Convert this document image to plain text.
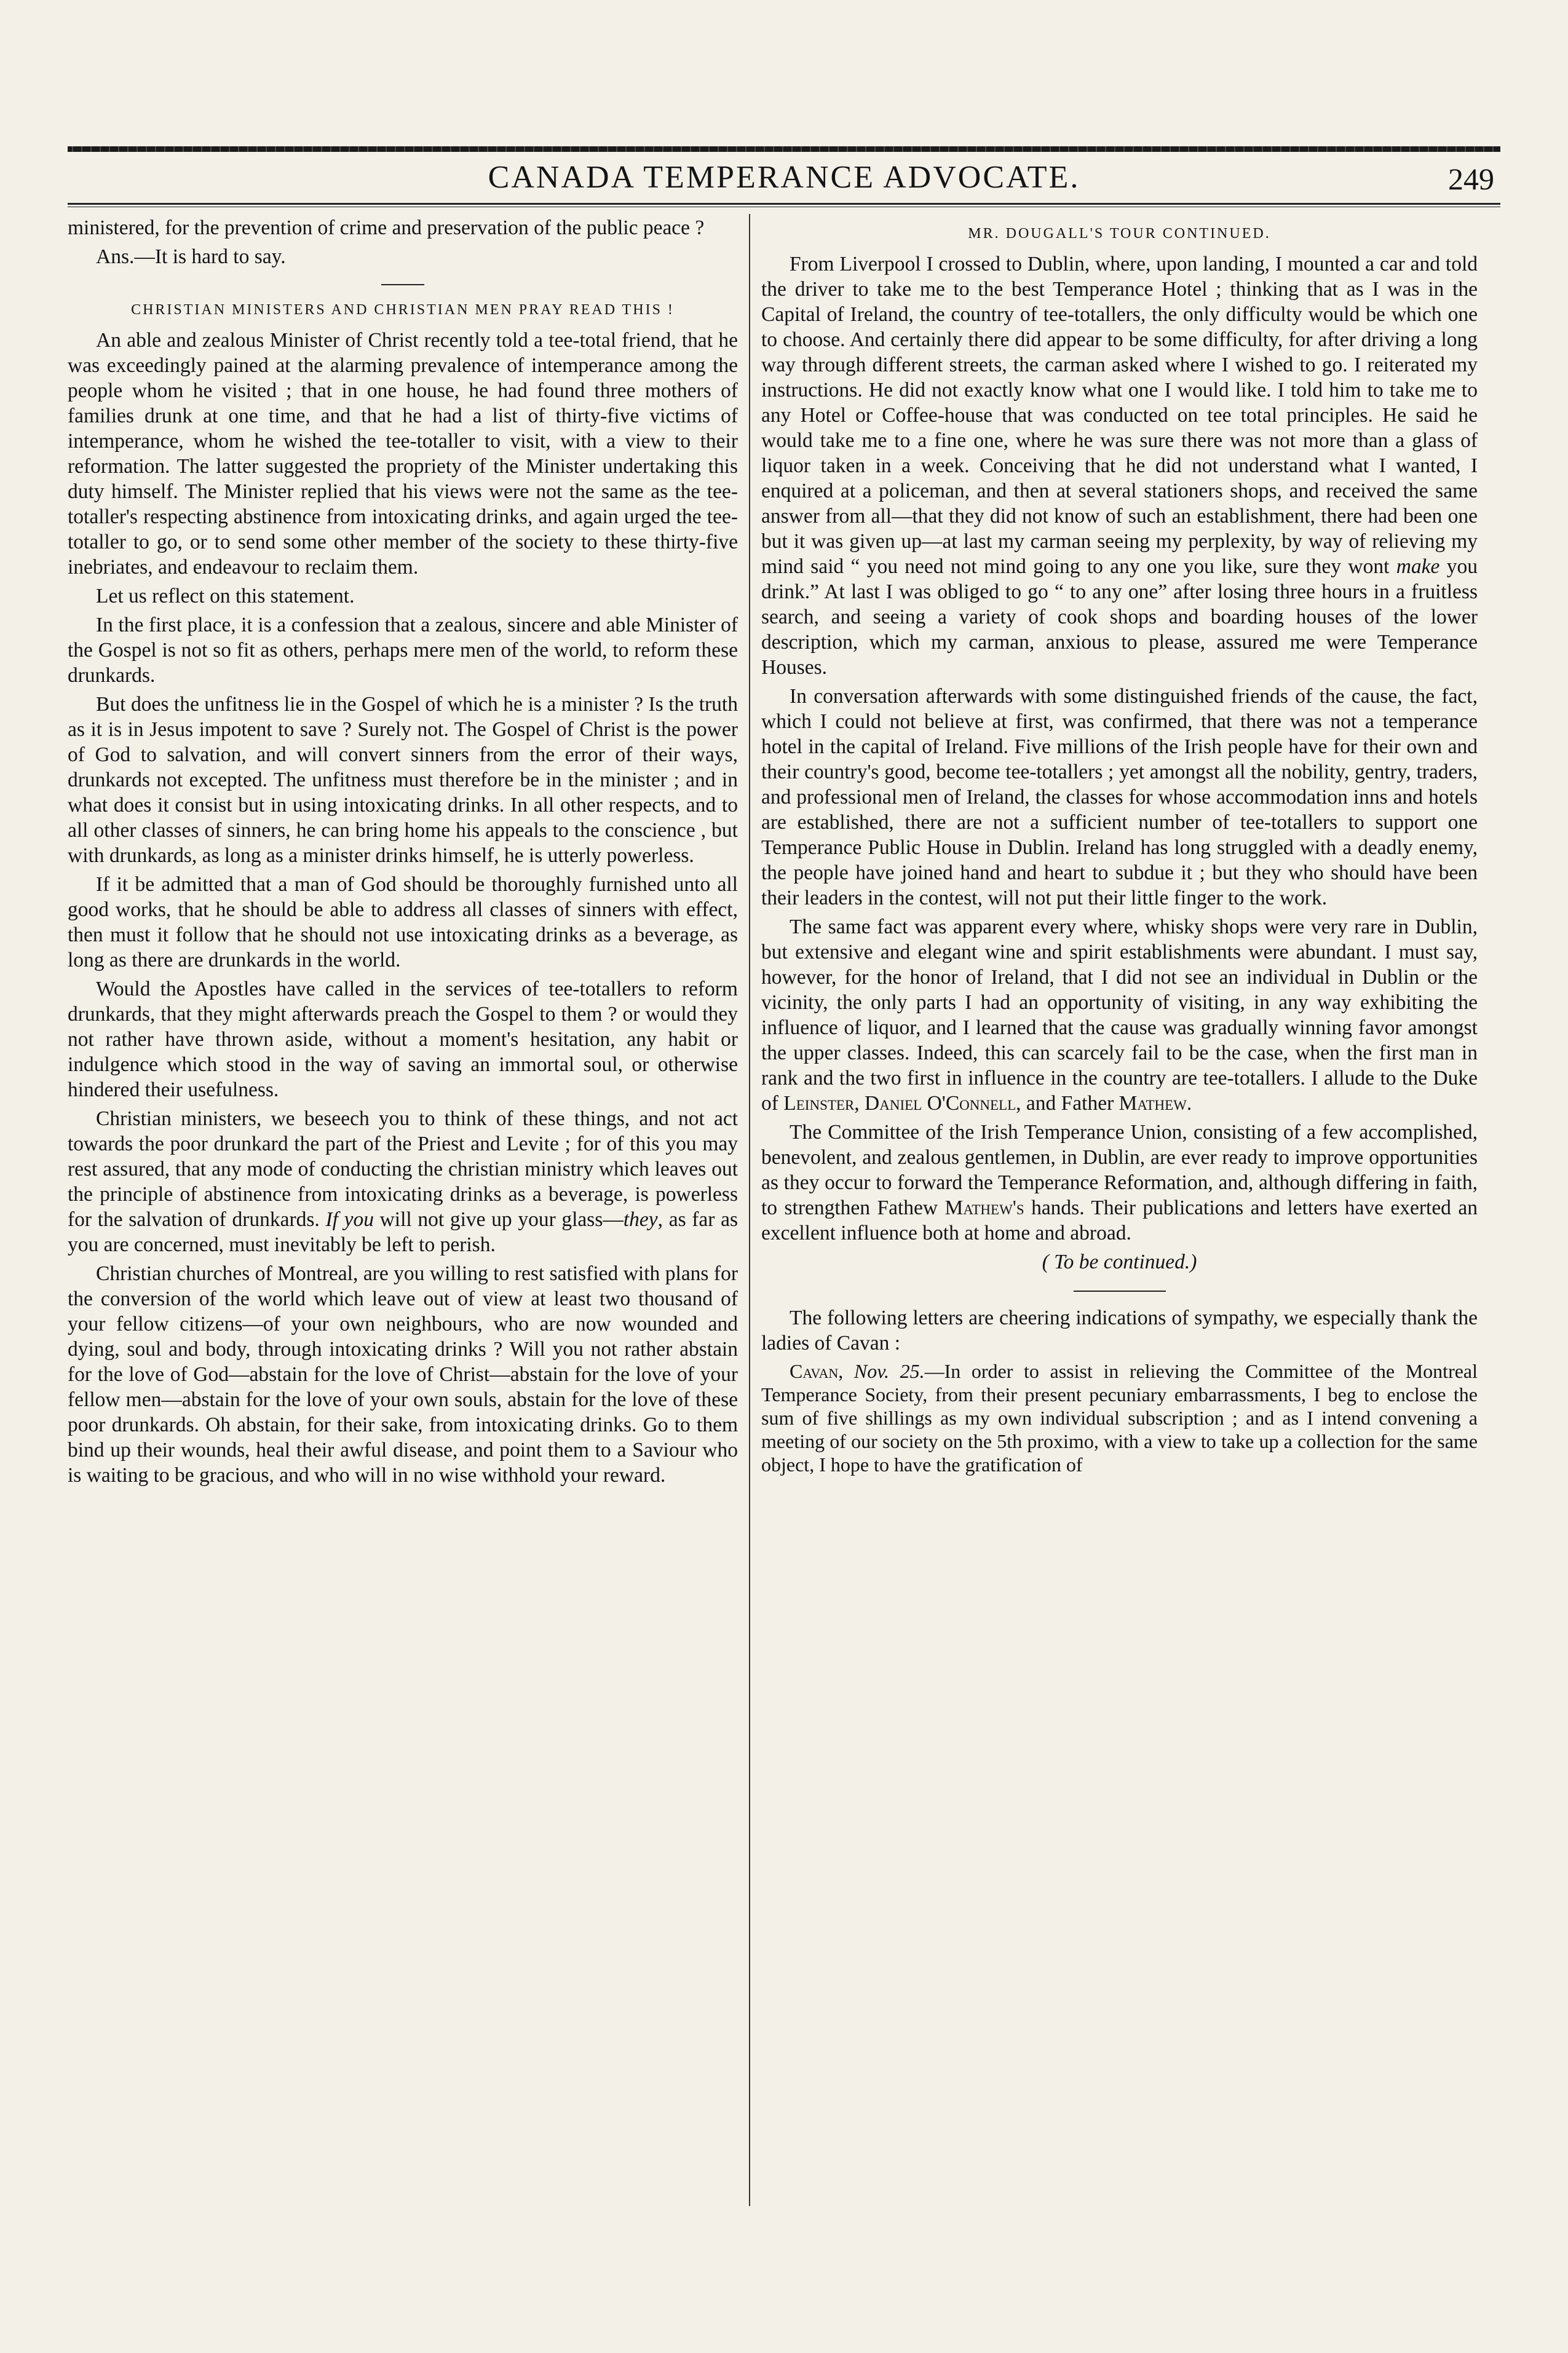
CANADA TEMPERANCE ADVOCATE.	249

ministered, for the prevention of crime and preservation of the public peace ?

Ans.—It is hard to say.

CHRISTIAN MINISTERS AND CHRISTIAN MEN PRAY READ THIS !

An able and zealous Minister of Christ recently told a tee-total friend, that he was exceedingly pained at the alarming prevalence of intemperance among the people whom he visited ; that in one house, he had found three mothers of families drunk at one time, and that he had a list of thirty-five victims of intemperance, whom he wished the tee-totaller to visit, with a view to their reformation. The latter suggested the propriety of the Minister undertaking this duty himself. The Minister replied that his views were not the same as the tee-totaller's respecting abstinence from intoxicating drinks, and again urged the tee-totaller to go, or to send some other member of the society to these thirty-five inebriates, and endeavour to reclaim them.

Let us reflect on this statement.

In the first place, it is a confession that a zealous, sincere and able Minister of the Gospel is not so fit as others, perhaps mere men of the world, to reform these drunkards.

But does the unfitness lie in the Gospel of which he is a minister ? Is the truth as it is in Jesus impotent to save ? Surely not. The Gospel of Christ is the power of God to salvation, and will convert sinners from the error of their ways, drunkards not excepted. The unfitness must therefore be in the minister ; and in what does it consist but in using intoxicating drinks. In all other respects, and to all other classes of sinners, he can bring home his appeals to the conscience , but with drunkards, as long as a minister drinks himself, he is utterly powerless.

If it be admitted that a man of God should be thoroughly furnished unto all good works, that he should be able to address all classes of sinners with effect, then must it follow that he should not use intoxicating drinks as a beverage, as long as there are drunkards in the world.

Would the Apostles have called in the services of tee-totallers to reform drunkards, that they might afterwards preach the Gospel to them ? or would they not rather have thrown aside, without a moment's hesitation, any habit or indulgence which stood in the way of saving an immortal soul, or otherwise hindered their usefulness.

Christian ministers, we beseech you to think of these things, and not act towards the poor drunkard the part of the Priest and Levite ; for of this you may rest assured, that any mode of conducting the christian ministry which leaves out the principle of abstinence from intoxicating drinks as a beverage, is powerless for the salvation of drunkards. If you will not give up your glass—they, as far as you are concerned, must inevitably be left to perish.

Christian churches of Montreal, are you willing to rest satisfied with plans for the conversion of the world which leave out of view at least two thousand of your fellow citizens—of your own neighbours, who are now wounded and dying, soul and body, through intoxicating drinks ? Will you not rather abstain for the love of God—abstain for the love of Christ—abstain for the love of your fellow men—abstain for the love of your own souls, abstain for the love of these poor drunkards. Oh abstain, for their sake, from intoxicating drinks. Go to them bind up their wounds, heal their awful disease, and point them to a Saviour who is waiting to be gracious, and who will in no wise withhold your reward.

MR. DOUGALL'S TOUR CONTINUED.

From Liverpool I crossed to Dublin, where, upon landing, I mounted a car and told the driver to take me to the best Temperance Hotel ; thinking that as I was in the Capital of Ireland, the country of tee-totallers, the only difficulty would be which one to choose. And certainly there did appear to be some difficulty, for after driving a long way through different streets, the carman asked where I wished to go. I reiterated my instructions. He did not exactly know what one I would like. I told him to take me to any Hotel or Coffee-house that was conducted on tee total principles. He said he would take me to a fine one, where he was sure there was not more than a glass of liquor taken in a week. Conceiving that he did not understand what I wanted, I enquired at a policeman, and then at several stationers shops, and received the same answer from all—that they did not know of such an establishment, there had been one but it was given up—at last my carman seeing my perplexity, by way of relieving my mind said “ you need not mind going to any one you like, sure they wont make you drink.” At last I was obliged to go “ to any one” after losing three hours in a fruitless search, and seeing a variety of cook shops and boarding houses of the lower description, which my carman, anxious to please, assured me were Temperance Houses.

In conversation afterwards with some distinguished friends of the cause, the fact, which I could not believe at first, was confirmed, that there was not a temperance hotel in the capital of Ireland. Five millions of the Irish people have for their own and their country's good, become tee-totallers ; yet amongst all the nobility, gentry, traders, and professional men of Ireland, the classes for whose accommodation inns and hotels are established, there are not a sufficient number of tee-totallers to support one Temperance Public House in Dublin. Ireland has long struggled with a deadly enemy, the people have joined hand and heart to subdue it ; but they who should have been their leaders in the contest, will not put their little finger to the work.

The same fact was apparent every where, whisky shops were very rare in Dublin, but extensive and elegant wine and spirit establishments were abundant. I must say, however, for the honor of Ireland, that I did not see an individual in Dublin or the vicinity, the only parts I had an opportunity of visiting, in any way exhibiting the influence of liquor, and I learned that the cause was gradually winning favor amongst the upper classes. Indeed, this can scarcely fail to be the case, when the first man in rank and the two first in influence in the country are tee-totallers. I allude to the Duke of Leinster, Daniel O'Connell, and Father Mathew.

The Committee of the Irish Temperance Union, consisting of a few accomplished, benevolent, and zealous gentlemen, in Dublin, are ever ready to improve opportunities as they occur to forward the Temperance Reformation, and, although differing in faith, to strengthen Fathew Mathew's hands. Their publications and letters have exerted an excellent influence both at home and abroad.

( To be continued.)

The following letters are cheering indications of sympathy, we especially thank the ladies of Cavan :

Cavan, Nov. 25.—In order to assist in relieving the Committee of the Montreal Temperance Society, from their present pecuniary embarrassments, I beg to enclose the sum of five shillings as my own individual subscription ; and as I intend convening a meeting of our society on the 5th proximo, with a view to take up a collection for the same object, I hope to have the gratification of
